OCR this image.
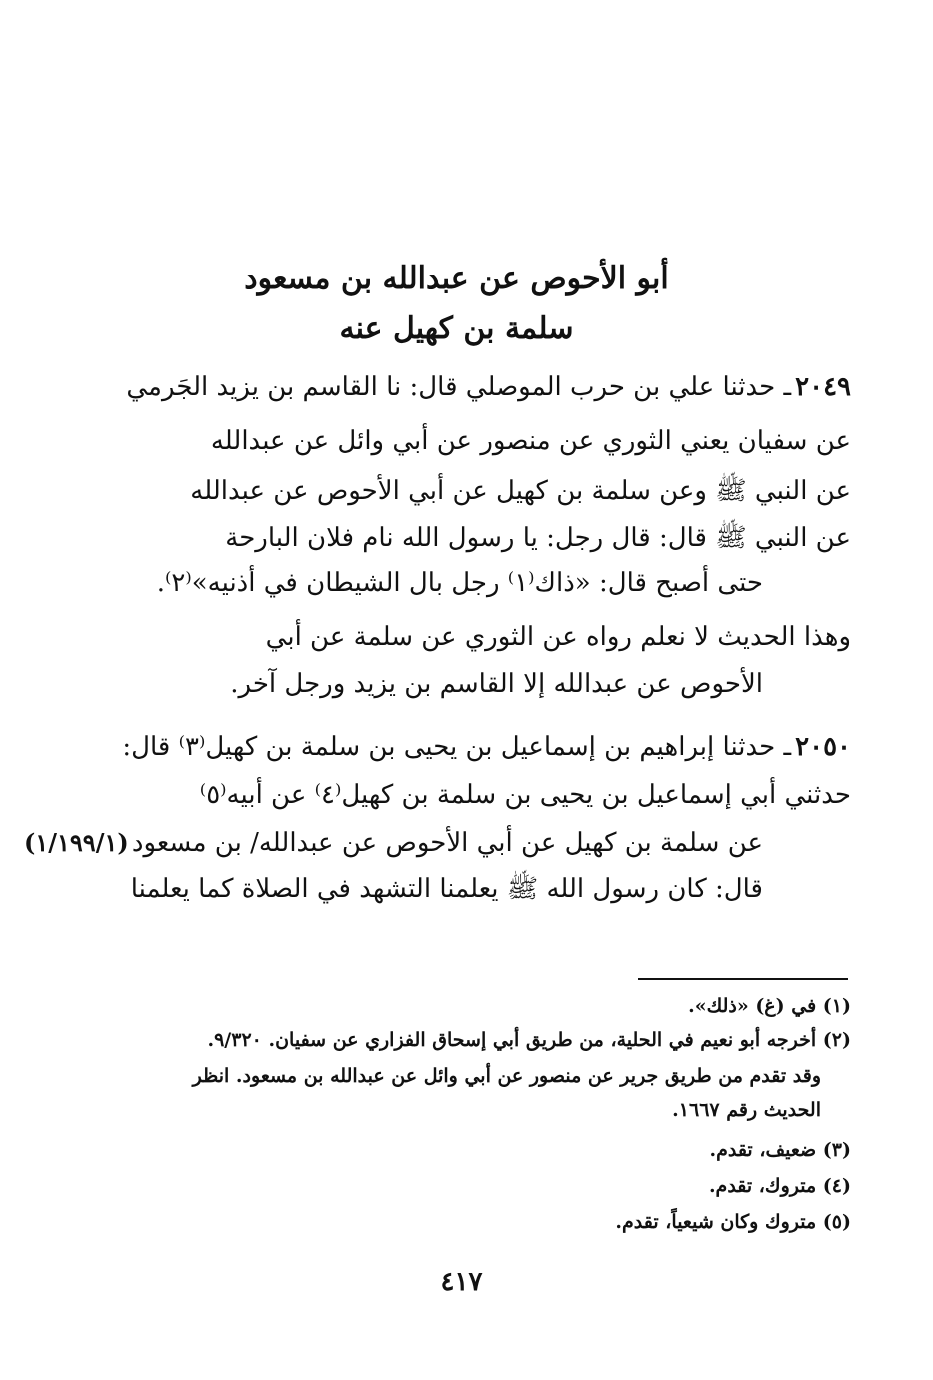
أبو الأحوص عن عبدالله بن مسعود
سلمة بن كهيل عنه
٢٠٤٩ـ حدثنا علي بن حرب الموصلي قال: نا القاسم بن يزيد الجَرمي
عن سفيان يعني الثوري عن منصور عن أبي وائل عن عبدالله
عن النبي ﷺ وعن سلمة بن كهيل عن أبي الأحوص عن عبدالله
عن النبي ﷺ قال: قال رجل: يا رسول الله نام فلان البارحة
حتى أصبح قال: «ذاك⁽١⁾ رجل بال الشيطان في أذنيه»⁽٢⁾.
وهذا الحديث لا نعلم رواه عن الثوري عن سلمة عن أبي
الأحوص عن عبدالله إلا القاسم بن يزيد ورجل آخر.
٢٠٥٠ـ حدثنا إبراهيم بن إسماعيل بن يحيى بن سلمة بن كهيل⁽٣⁾ قال:
حدثني أبي إسماعيل بن يحيى بن سلمة بن كهيل⁽٤⁾ عن أبيه⁽٥⁾
عن سلمة بن كهيل عن أبي الأحوص عن عبدالله/ بن مسعود
(١/١٩٩/١)
قال: كان رسول الله ﷺ يعلمنا التشهد في الصلاة كما يعلمنا
(١) في (غ) «ذلك».
(٢) أخرجه أبو نعيم في الحلية، من طريق أبي إسحاق الفزاري عن سفيان. ٩/٣٢٠.
وقد تقدم من طريق جرير عن منصور عن أبي وائل عن عبدالله بن مسعود. انظر
الحديث رقم ١٦٦٧.
(٣) ضعيف، تقدم.
(٤) متروك، تقدم.
(٥) متروك وكان شيعياً، تقدم.
٤١٧
